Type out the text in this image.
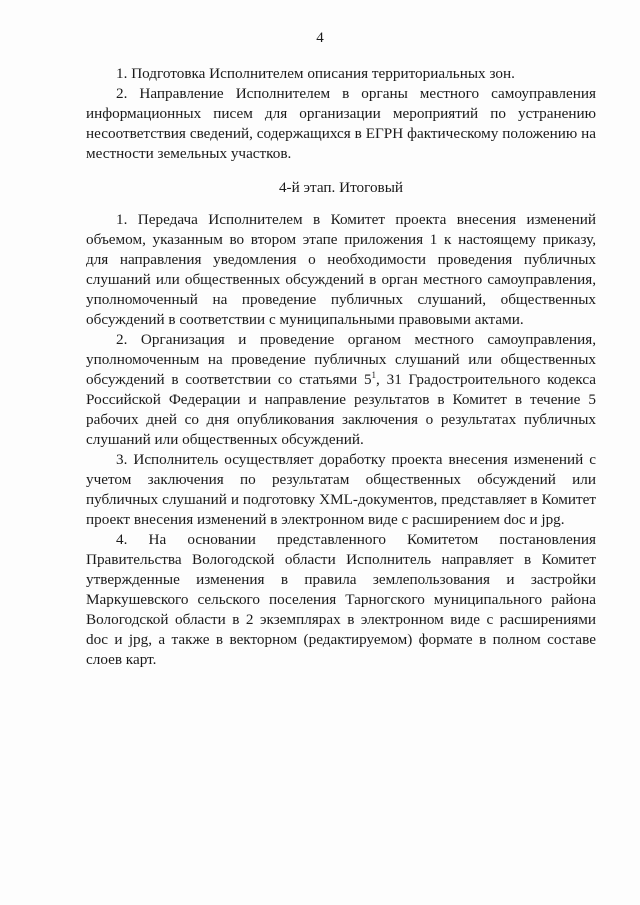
4

1. Подготовка Исполнителем описания территориальных зон.

2. Направление Исполнителем в органы местного самоуправления информационных писем для организации мероприятий по устранению несоответствия сведений, содержащихся в ЕГРН фактическому положению на местности земельных участков.

4-й этап. Итоговый

1. Передача Исполнителем в Комитет проекта внесения изменений объемом, указанным во втором этапе приложения 1 к настоящему приказу, для направления уведомления о необходимости проведения публичных слушаний или общественных обсуждений в орган местного самоуправления, уполномоченный на проведение публичных слушаний, общественных обсуждений в соответствии с муниципальными правовыми актами.

2. Организация и проведение органом местного самоуправления, уполномоченным на проведение публичных слушаний или общественных обсуждений в соответствии со статьями $5^1$, 31 Градостроительного кодекса Российской Федерации и направление результатов в Комитет в течение 5 рабочих дней со дня опубликования заключения о результатах публичных слушаний или общественных обсуждений.

3. Исполнитель осуществляет доработку проекта внесения изменений с учетом заключения по результатам общественных обсуждений или публичных слушаний и подготовку XML-документов, представляет в Комитет проект внесения изменений в электронном виде с расширением doc и jpg.

4. На основании представленного Комитетом постановления Правительства Вологодской области Исполнитель направляет в Комитет утвержденные изменения в правила землепользования и застройки Маркушевского сельского поселения Тарногского муниципального района Вологодской области в 2 экземплярах в электронном виде с расширениями doc и jpg, а также в векторном (редактируемом) формате в полном составе слоев карт.
